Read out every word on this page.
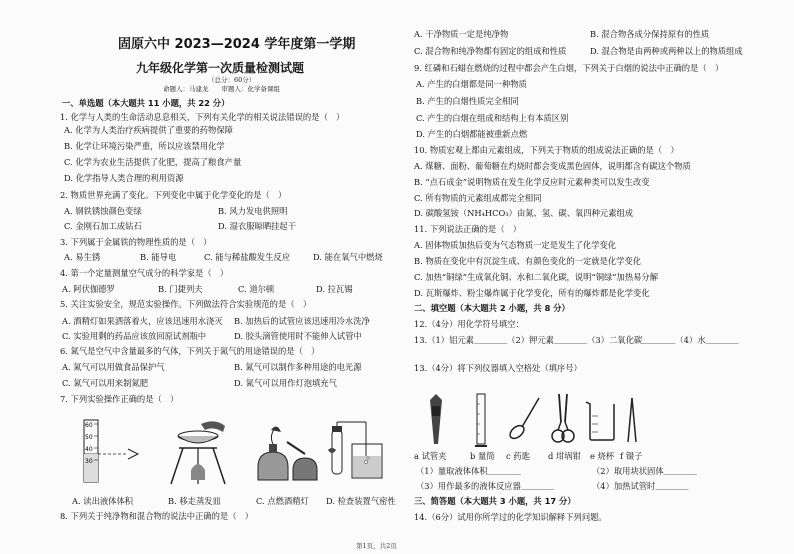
固原六中 2023—2024 学年度第一学期
九年级化学第一次质量检测试题
（总分：60分）
命题人：马建龙　　审题人：化学备课组
一、单选题（本大题共 11 小题，共 22 分）
1. 化学与人类的生命活动息息相关，下列有关化学的相关说法错误的是（　）
A. 化学为人类治疗疾病提供了重要的药物保障
B. 化学让环境污染严重，所以应该禁用化学
C. 化学为农业生活提供了化肥，提高了粮食产量
D. 化学指导人类合理的利用资源
2. 物质世界充满了变化。下列变化中属于化学变化的是（　）
A. 钢铁锈蚀颜色变绿	B. 风力发电供照明
C. 金刚石加工成钻石	D. 湿衣服晾晒挂起干
3. 下列属于金属铁的物理性质的是（　）
A. 易生锈	B. 能导电	C. 能与稀盐酸发生反应	D. 能在氧气中燃烧
4. 第一个定量测量空气成分的科学家是（　）
A. 阿伏伽德罗	B. 门捷列夫	C. 道尔顿	D. 拉瓦锡
5. 关注实验安全，规范实验操作。下列做法符合实验规范的是（　）
A. 酒精灯如果洒落着火，应该迅速用水浇灭 B. 加热后的试管应该迅速用冷水洗净
C. 实验用剩的药品应该放回原试剂瓶中	D. 胶头滴管使用时不能伸入试管中
6. 氮气是空气中含量最多的气体，下列关于氮气的用途错误的是（　）
A. 氮气可以用做食品保护气	B. 氮气可以制作多种用途的电光源
C. 氮气可以用来制氮肥	D. 氮气可以用作灯泡填充气
7. 下列实验操作正确的是（　）
60
50
40
30
A. 读出液体体积	B. 移走蒸发皿	C. 点燃酒精灯 D. 检查装置气密性
8. 下列关于纯净物和混合物的说法中正确的是（　）
A. 干净物质一定是纯净物	B. 混合物各成分保持原有的性质
C. 混合物和纯净物都有固定的组成和性质	D. 混合物是由两种或两种以上的物质组成
9. 红磷和石蜡在燃烧的过程中都会产生白烟，下列关于白烟的说法中正确的是（　）
A. 产生的白烟都是同一种物质
B. 产生的白烟性质完全相同
C. 产生的白烟在组成和结构上有本质区别
D. 产生的白烟都能被重新点燃
10. 物质宏观上都由元素组成，下列关于物质的组成说法正确的是（　）
A. 煤糖、面粉、葡萄糖在灼烧时都会变成黑色固体，说明都含有碳这个物质
B. “点石成金”说明物质在发生化学反应时元素种类可以发生改变
C. 所有物质的元素组成都完全相同
D. 碳酸氢铵（NH₄HCO₃）由氮、氢、碳、氧四种元素组成
11. 下列说法正确的是（　）
A. 固体物质加热后变为气态物质一定是发生了化学变化
B. 物质在变化中有沉淀生成、有颜色变化的一定就是化学变化
C. 加热“铜绿”生成氧化铜、水和二氧化碳，说明“铜绿”加热易分解
D. 瓦斯爆炸、粉尘爆炸属于化学变化，所有的爆炸都是化学变化
二、填空题（本大题共 2 小题，共 8 分）
12.（4分）用化学符号填空：
13.（1）铝元素＿＿＿＿（2）钾元素＿＿＿＿（3）二氧化碳＿＿＿＿（4）水＿＿＿＿
13.（4分）将下列仪器填入空格处（填序号）
a 试管夹	b 量筒 c 药匙 d 坩埚钳 e 烧杯 f 镊子
（1）量取液体体积＿＿＿＿	（2）取用块状固体＿＿＿＿
（3）用作最多的液体反应器＿＿＿＿	（4）加热试管时＿＿＿＿
三、简答题（本大题共 3 小题，共 17 分）
14.（6分）试用你所学过的化学知识解释下列问题。
第1页，共2页
